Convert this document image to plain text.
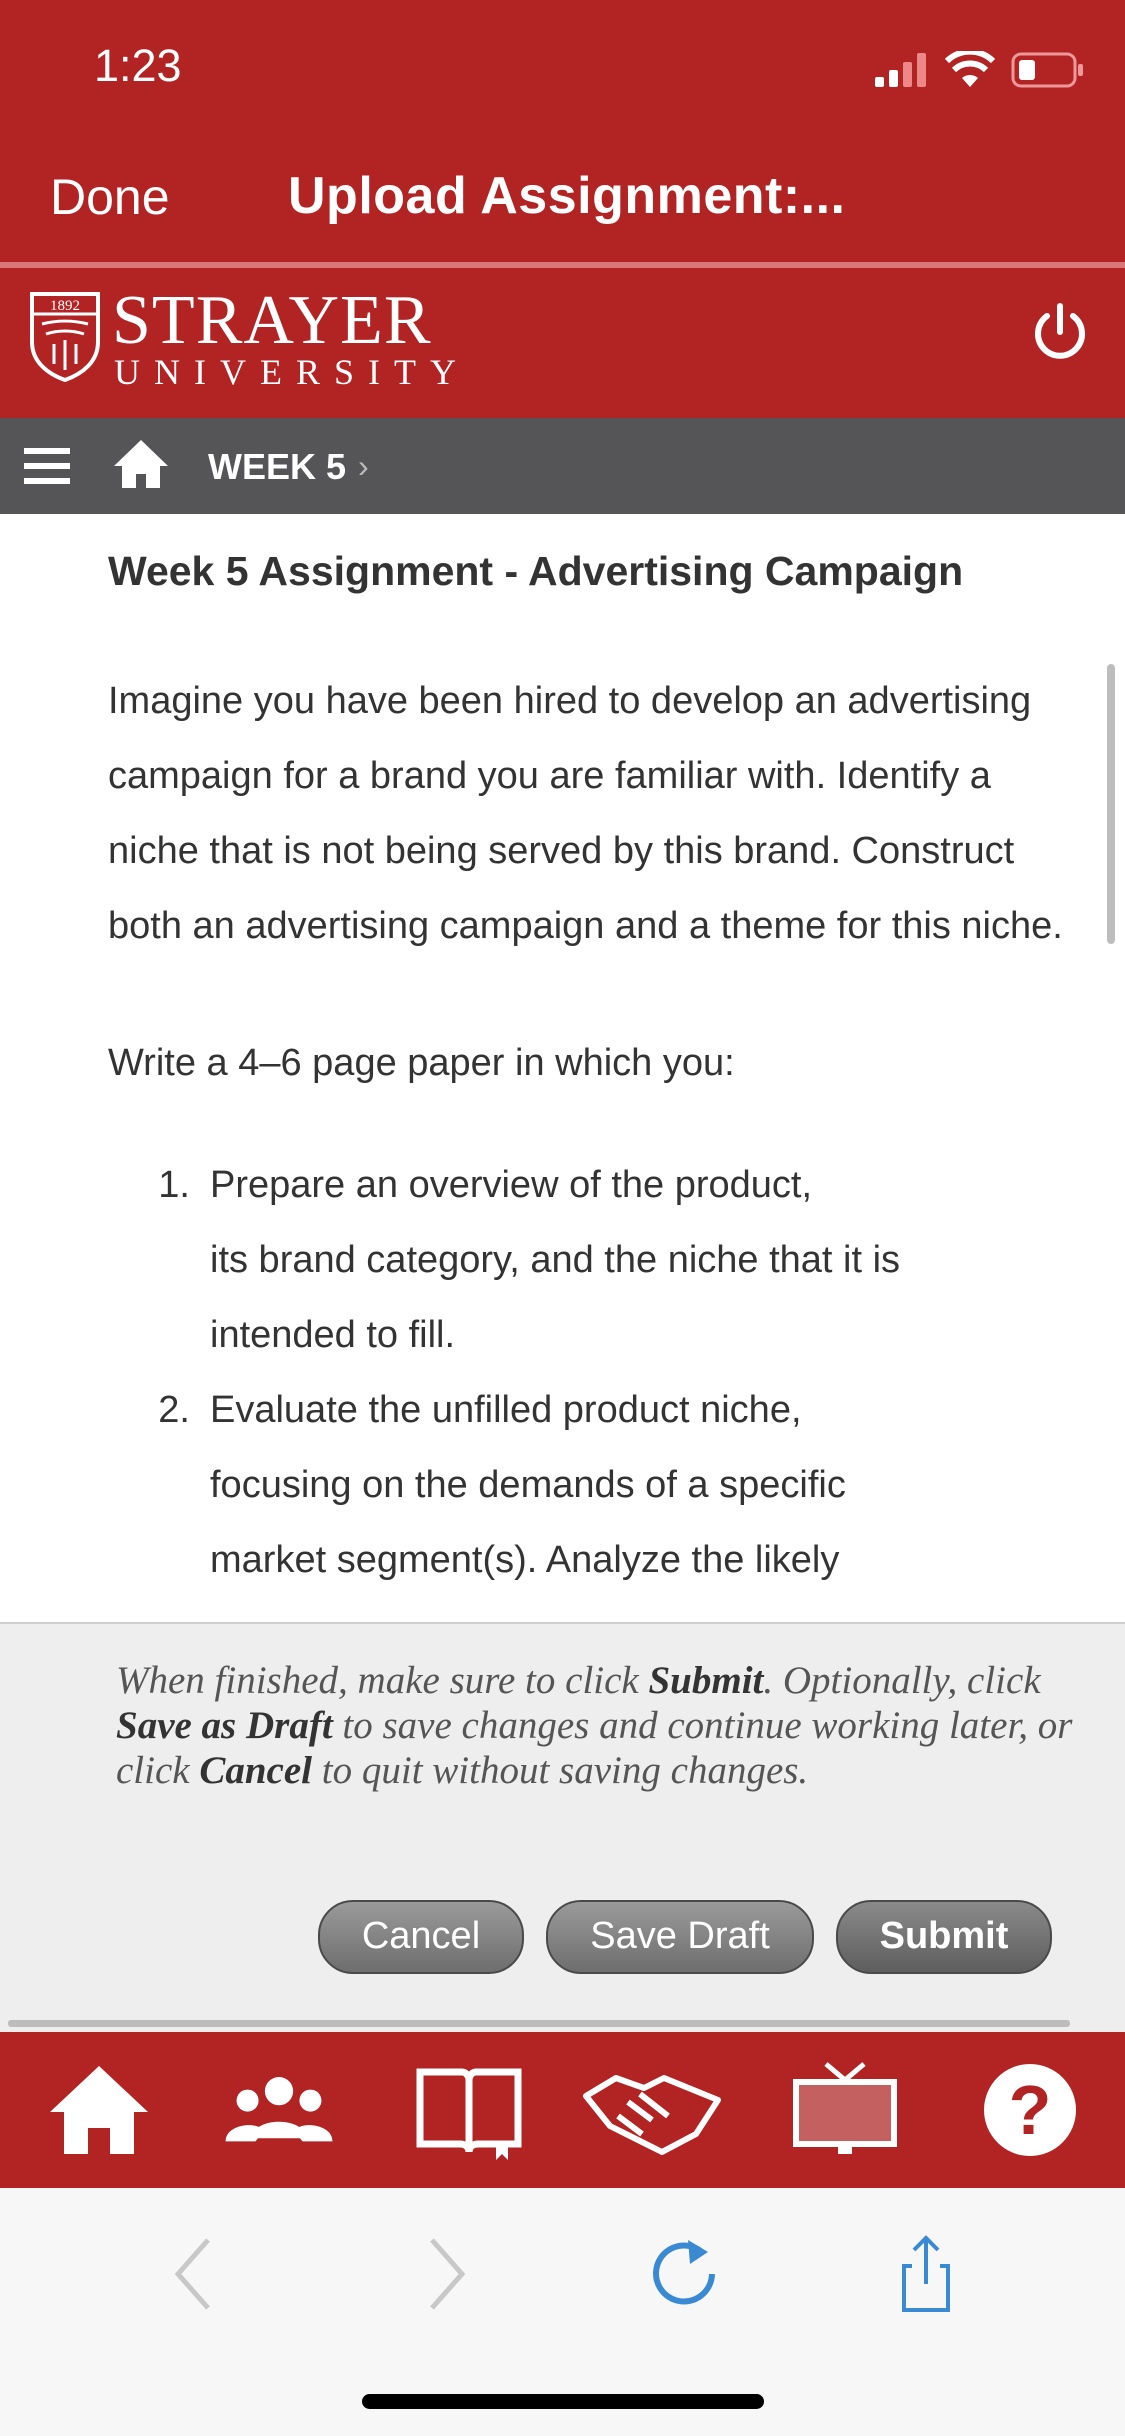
1:23
Done Upload Assignment:...
1892 STRAYER
UNIVERSITY
WEEK 5 ›
Week 5 Assignment - Advertising Campaign
Imagine you have been hired to develop an advertising campaign for a brand you are familiar with. Identify a niche that is not being served by this brand. Construct both an advertising campaign and a theme for this niche.
Write a 4–6 page paper in which you:
1. Prepare an overview of the product,
its brand category, and the niche that it is
intended to fill.
2. Evaluate the unfilled product niche,
focusing on the demands of a specific
market segment(s). Analyze the likely
When finished, make sure to click Submit. Optionally, click Save as Draft to save changes and continue working later, or click Cancel to quit without saving changes.
Cancel	Save Draft	Submit
?
